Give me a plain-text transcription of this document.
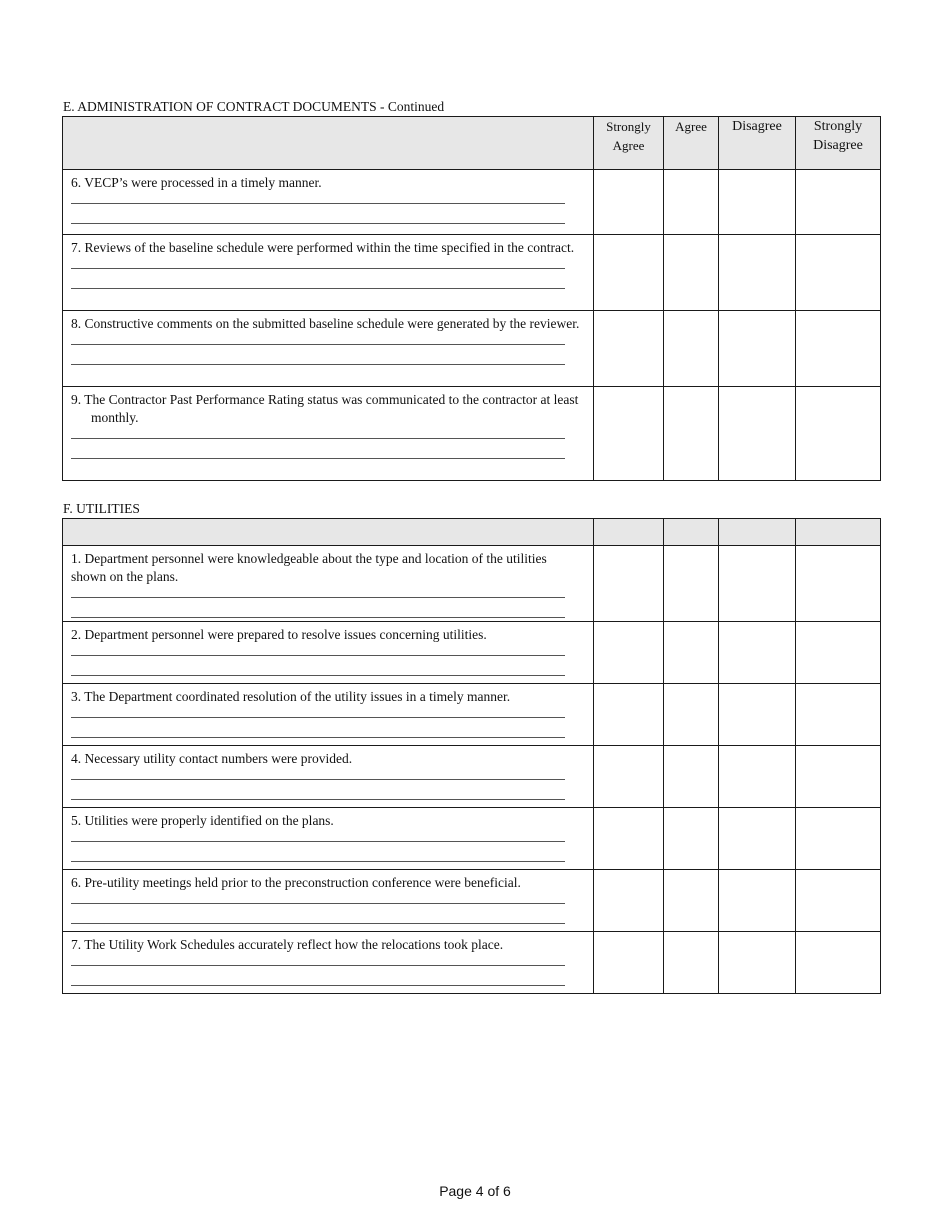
E. ADMINISTRATION OF CONTRACT DOCUMENTS - Continued
	Strongly Agree	Agree	Disagree	Strongly Disagree

6. VECP’s were processed in a timely manner.				

7. Reviews of the baseline schedule were performed within the time specified in the contract.				

8. Constructive comments on the submitted baseline schedule were generated by the reviewer.				

9. The Contractor Past Performance Rating status was communicated to the contractor at least monthly.				

F. UTILITIES

1. Department personnel were knowledgeable about the type and location of the utilities shown on the plans.				

2. Department personnel were prepared to resolve issues concerning utilities.				

3. The Department coordinated resolution of the utility issues in a timely manner.				

4. Necessary utility contact numbers were provided.				

5. Utilities were properly identified on the plans.				

6. Pre-utility meetings held prior to the preconstruction conference were beneficial.				

7. The Utility Work Schedules accurately reflect how the relocations took place.				

Page 4 of 6
